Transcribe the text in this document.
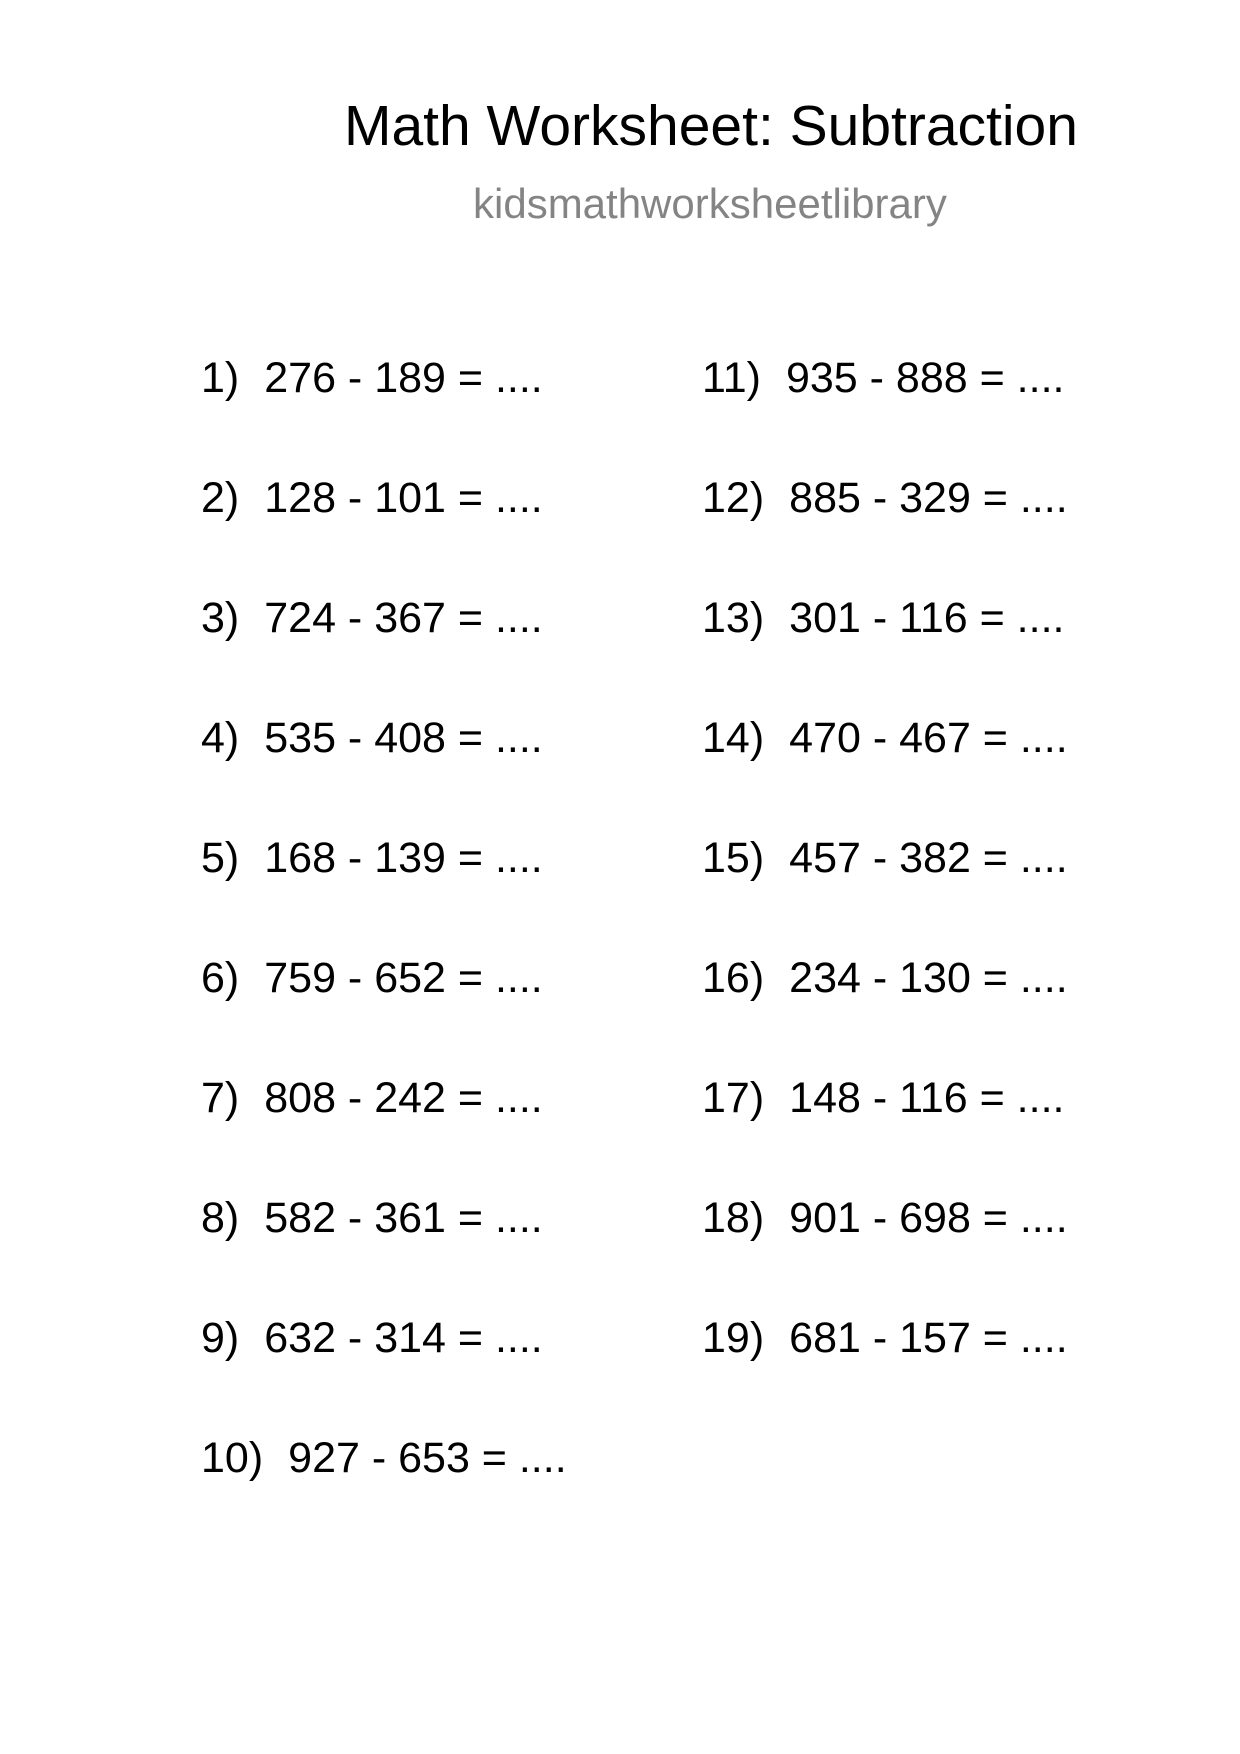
Math Worksheet: Subtraction
kidsmathworksheetlibrary
1) 276 - 189 = ....
2) 128 - 101 = ....
3) 724 - 367 = ....
4) 535 - 408 = ....
5) 168 - 139 = ....
6) 759 - 652 = ....
7) 808 - 242 = ....
8) 582 - 361 = ....
9) 632 - 314 = ....
10) 927 - 653 = ....
11) 935 - 888 = ....
12) 885 - 329 = ....
13) 301 - 116 = ....
14) 470 - 467 = ....
15) 457 - 382 = ....
16) 234 - 130 = ....
17) 148 - 116 = ....
18) 901 - 698 = ....
19) 681 - 157 = ....
